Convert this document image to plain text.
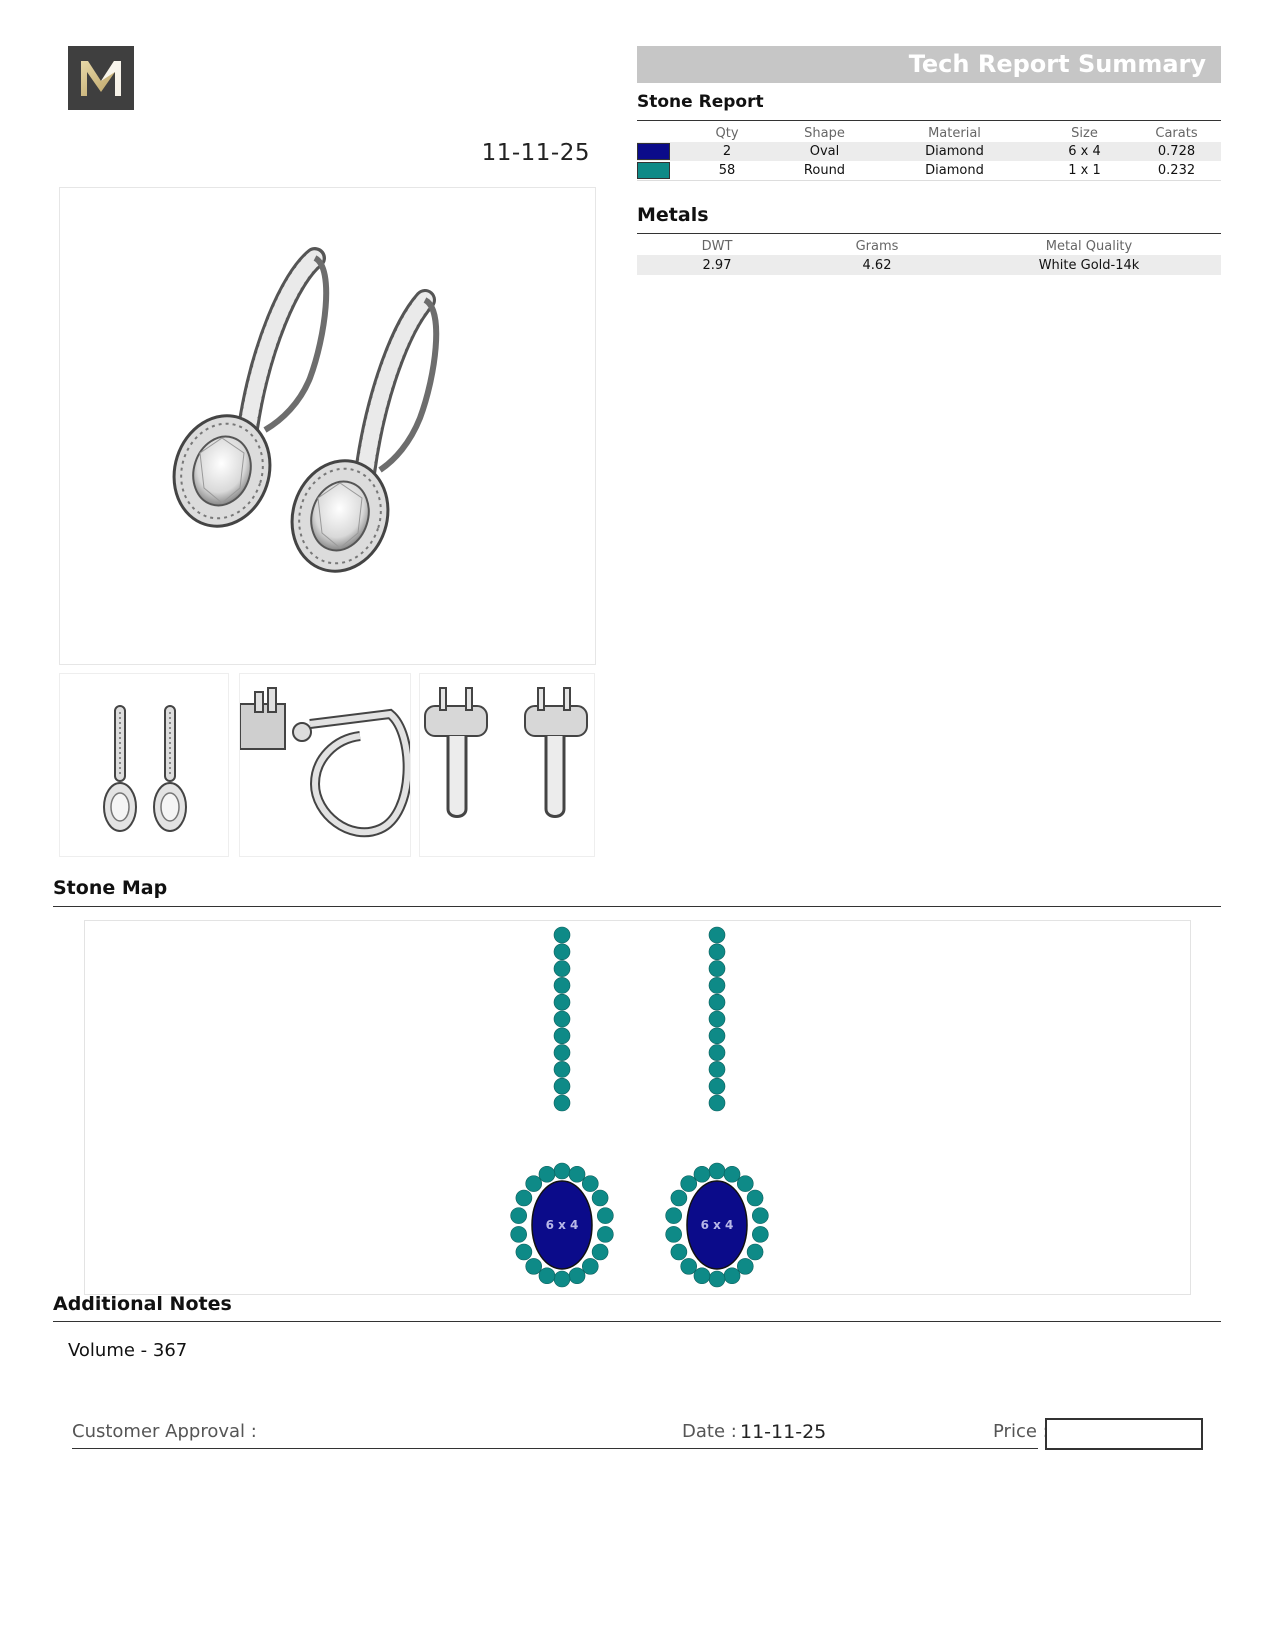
11-11-25
Tech Report Summary
Stone Report
	Qty	Shape	Material	Size	Carats
	2	Oval	Diamond	6 x 4	0.728
	58	Round	Diamond	1 x 1	0.232
Metals
DWT	Grams	Metal Quality
2.97	4.62	White Gold-14k
Stone Map
6 x 4	6 x 4
Additional Notes
Volume - 367
Customer Approval :	Date : 11-11-25	Price :
